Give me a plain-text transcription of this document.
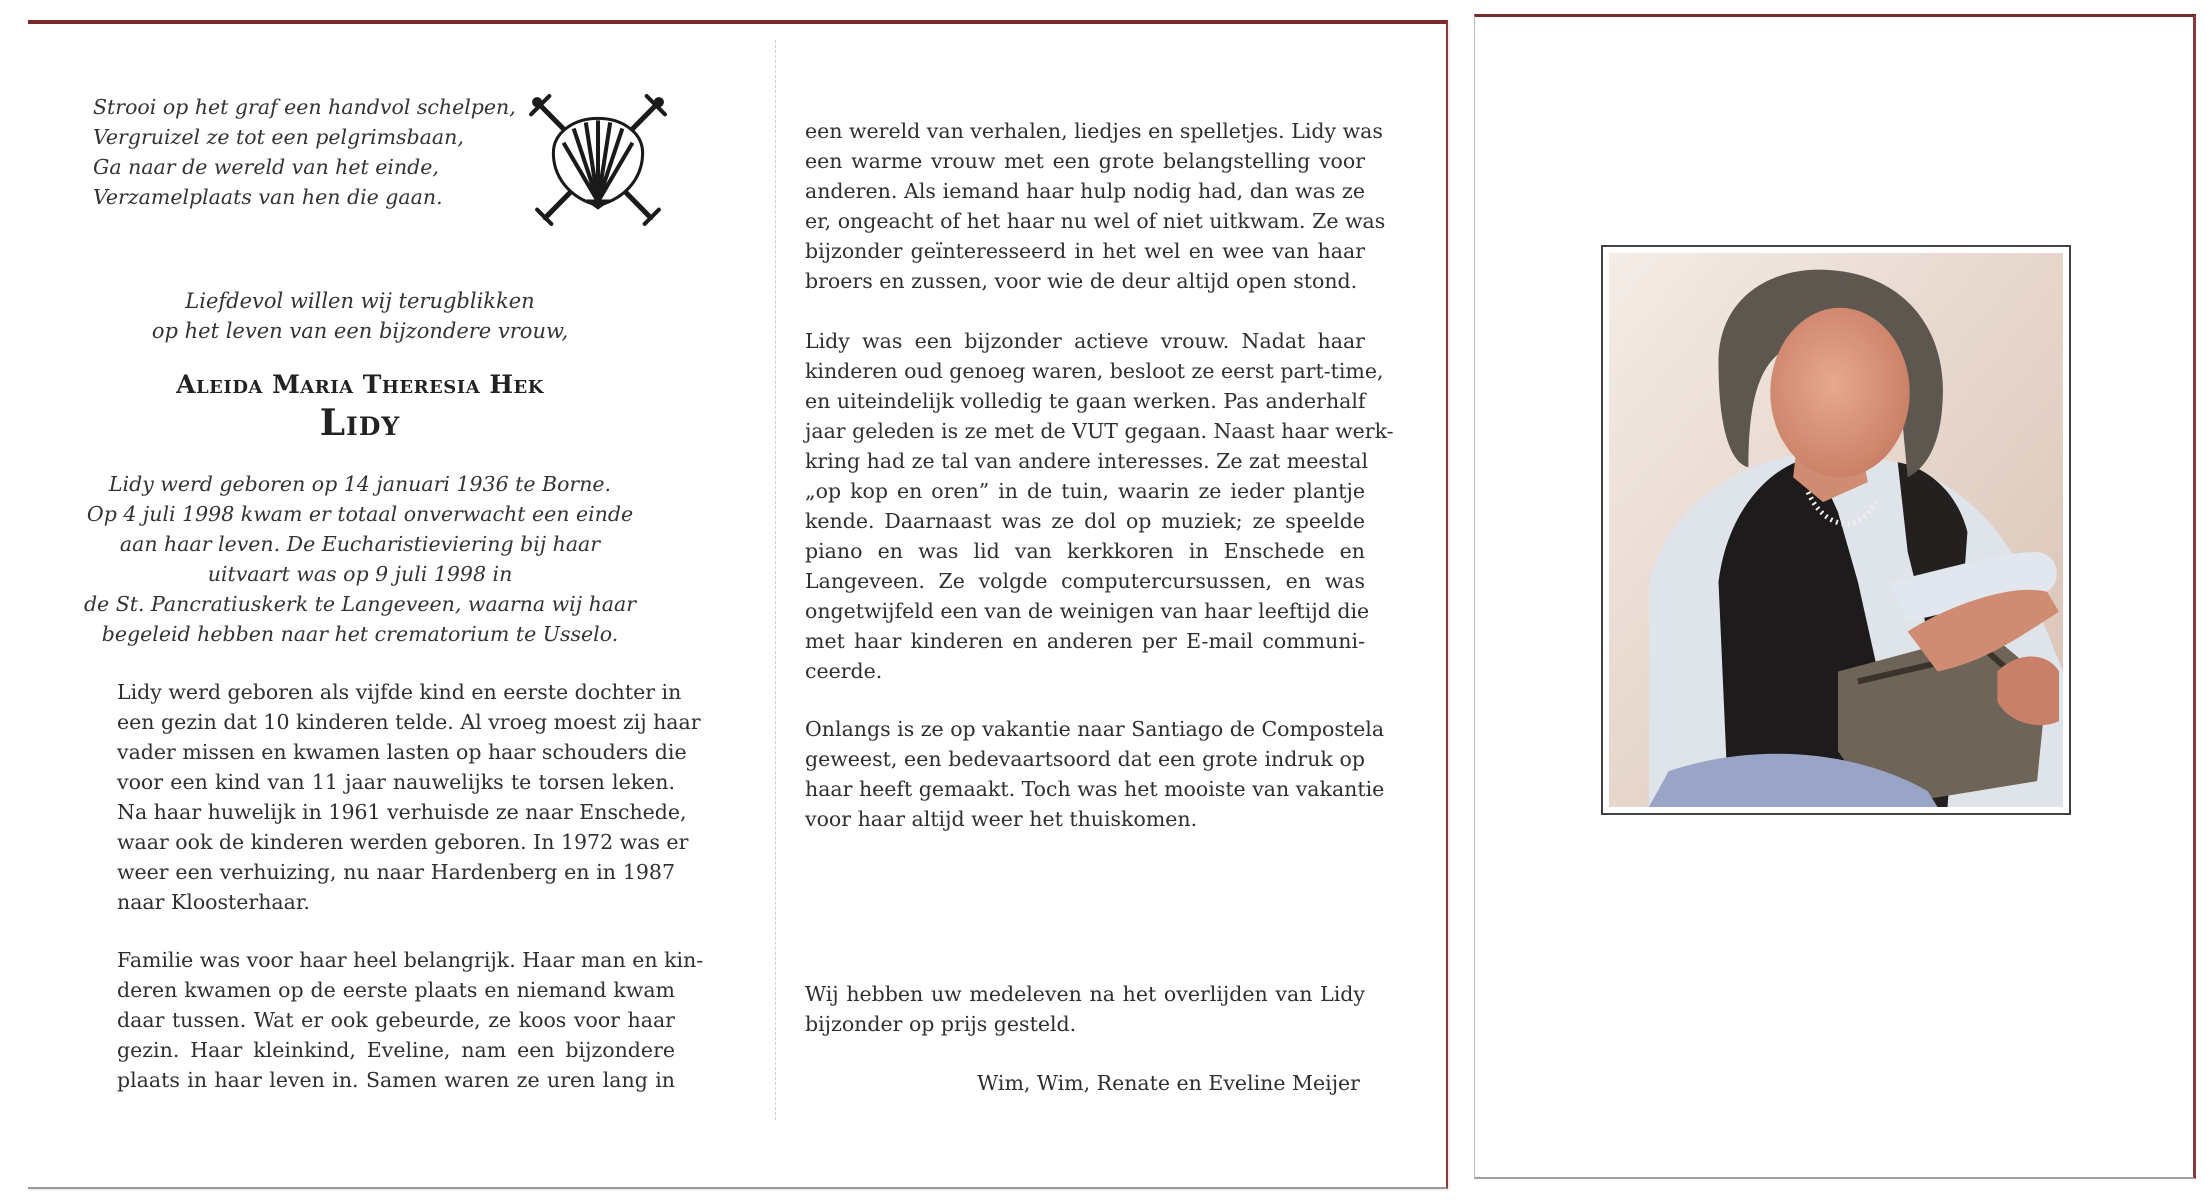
Strooi op het graf een handvol schelpen,
Vergruizel ze tot een pelgrimsbaan,
Ga naar de wereld van het einde,
Verzamelplaats van hen die gaan.
Liefdevol willen wij terugblikken
op het leven van een bijzondere vrouw,
Aleida Maria Theresia Hek
Lidy
Lidy werd geboren op 14 januari 1936 te Borne.
Op 4 juli 1998 kwam er totaal onverwacht een einde
aan haar leven. De Eucharistieviering bij haar
uitvaart was op 9 juli 1998 in
de St. Pancratiuskerk te Langeveen, waarna wij haar
begeleid hebben naar het crematorium te Usselo.
Lidy werd geboren als vijfde kind en eerste dochter in
een gezin dat 10 kinderen telde. Al vroeg moest zij haar
vader missen en kwamen lasten op haar schouders die
voor een kind van 11 jaar nauwelijks te torsen leken.
Na haar huwelijk in 1961 verhuisde ze naar Enschede,
waar ook de kinderen werden geboren. In 1972 was er
weer een verhuizing, nu naar Hardenberg en in 1987
naar Kloosterhaar.
Familie was voor haar heel belangrijk. Haar man en kin-
deren kwamen op de eerste plaats en niemand kwam
daar tussen. Wat er ook gebeurde, ze koos voor haar
gezin. Haar kleinkind, Eveline, nam een bijzondere
plaats in haar leven in. Samen waren ze uren lang in
een wereld van verhalen, liedjes en spelletjes. Lidy was
een warme vrouw met een grote belangstelling voor
anderen. Als iemand haar hulp nodig had, dan was ze
er, ongeacht of het haar nu wel of niet uitkwam. Ze was
bijzonder geïnteresseerd in het wel en wee van haar
broers en zussen, voor wie de deur altijd open stond.
Lidy was een bijzonder actieve vrouw. Nadat haar
kinderen oud genoeg waren, besloot ze eerst part-time,
en uiteindelijk volledig te gaan werken. Pas anderhalf
jaar geleden is ze met de VUT gegaan. Naast haar werk-
kring had ze tal van andere interesses. Ze zat meestal
„op kop en oren” in de tuin, waarin ze ieder plantje
kende. Daarnaast was ze dol op muziek; ze speelde
piano en was lid van kerkkoren in Enschede en
Langeveen. Ze volgde computercursussen, en was
ongetwijfeld een van de weinigen van haar leeftijd die
met haar kinderen en anderen per E-mail communi-
ceerde.
Onlangs is ze op vakantie naar Santiago de Compostela
geweest, een bedevaartsoord dat een grote indruk op
haar heeft gemaakt. Toch was het mooiste van vakantie
voor haar altijd weer het thuiskomen.
Wij hebben uw medeleven na het overlijden van Lidy
bijzonder op prijs gesteld.
Wim, Wim, Renate en Eveline Meijer
